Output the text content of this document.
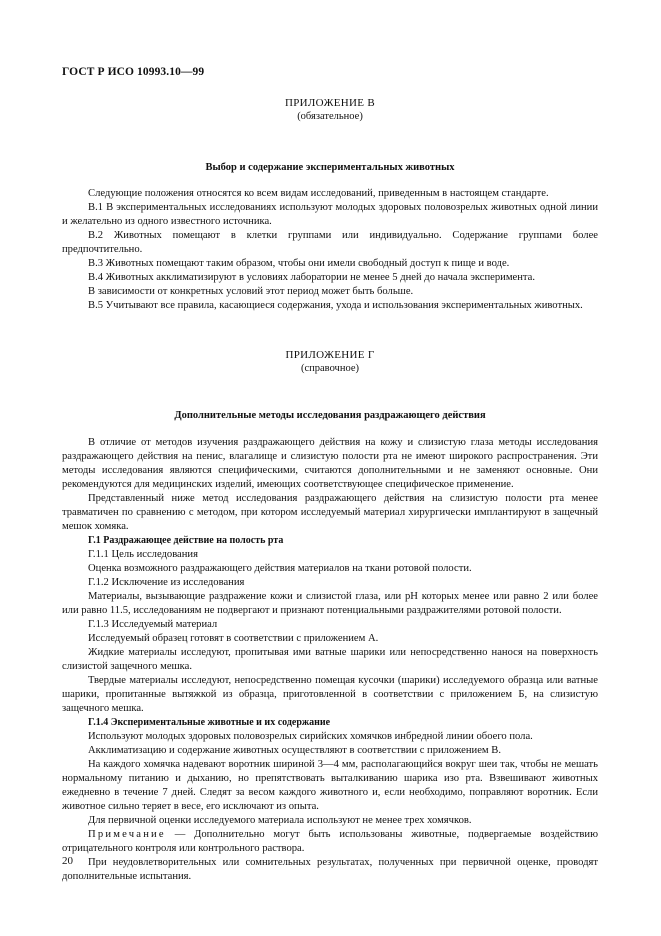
ГОСТ Р ИСО 10993.10—99

ПРИЛОЖЕНИЕ В

(обязательное)

Выбор и содержание экспериментальных животных

Следующие положения относятся ко всем видам исследований, приведенным в настоящем стандарте.

В.1 В экспериментальных исследованиях используют молодых здоровых половозрелых животных одной линии и желательно из одного известного источника.

В.2 Животных помещают в клетки группами или индивидуально. Содержание группами более предпочтительно.

В.3 Животных помещают таким образом, чтобы они имели свободный доступ к пище и воде.

В.4 Животных акклиматизируют в условиях лаборатории не менее 5 дней до начала эксперимента.

В зависимости от конкретных условий этот период может быть больше.

В.5 Учитывают все правила, касающиеся содержания, ухода и использования экспериментальных животных.

ПРИЛОЖЕНИЕ Г

(справочное)

Дополнительные методы исследования раздражающего действия

В отличие от методов изучения раздражающего действия на кожу и слизистую глаза методы исследования раздражающего действия на пенис, влагалище и слизистую полости рта не имеют широкого распространения. Эти методы исследования являются специфическими, считаются дополнительными и не заменяют основные. Они рекомендуются для медицинских изделий, имеющих соответствующее специфическое применение.

Представленный ниже метод исследования раздражающего действия на слизистую полости рта менее травматичен по сравнению с методом, при котором исследуемый материал хирургически имплантируют в защечный мешок хомяка.

Г.1 Раздражающее действие на полость рта

Г.1.1 Цель исследования

Оценка возможного раздражающего действия материалов на ткани ротовой полости.

Г.1.2 Исключение из исследования

Материалы, вызывающие раздражение кожи и слизистой глаза, или pH которых менее или равно 2 или более или равно 11.5, исследованиям не подвергают и признают потенциальными раздражителями ротовой полости.

Г.1.3 Исследуемый материал

Исследуемый образец готовят в соответствии с приложением А.

Жидкие материалы исследуют, пропитывая ими ватные шарики или непосредственно нанося на поверхность слизистой защечного мешка.

Твердые материалы исследуют, непосредственно помещая кусочки (шарики) исследуемого образца или ватные шарики, пропитанные вытяжкой из образца, приготовленной в соответствии с приложением Б, на слизистую защечного мешка.

Г.1.4 Экспериментальные животные и их содержание

Используют молодых здоровых половозрелых сирийских хомячков инбредной линии обоего пола.

Акклиматизацию и содержание животных осуществляют в соответствии с приложением В.

На каждого хомячка надевают воротник шириной 3—4 мм, располагающийся вокруг шеи так, чтобы не мешать нормальному питанию и дыханию, но препятствовать выталкиванию шарика изо рта. Взвешивают животных ежедневно в течение 7 дней. Следят за весом каждого животного и, если необходимо, поправляют воротник. Если животное сильно теряет в весе, его исключают из опыта.

Для первичной оценки исследуемого материала используют не менее трех хомячков.

Примечание — Дополнительно могут быть использованы животные, подвергаемые воздействию отрицательного контроля или контрольного раствора.

При неудовлетворительных или сомнительных результатах, полученных при первичной оценке, проводят дополнительные испытания.

20
